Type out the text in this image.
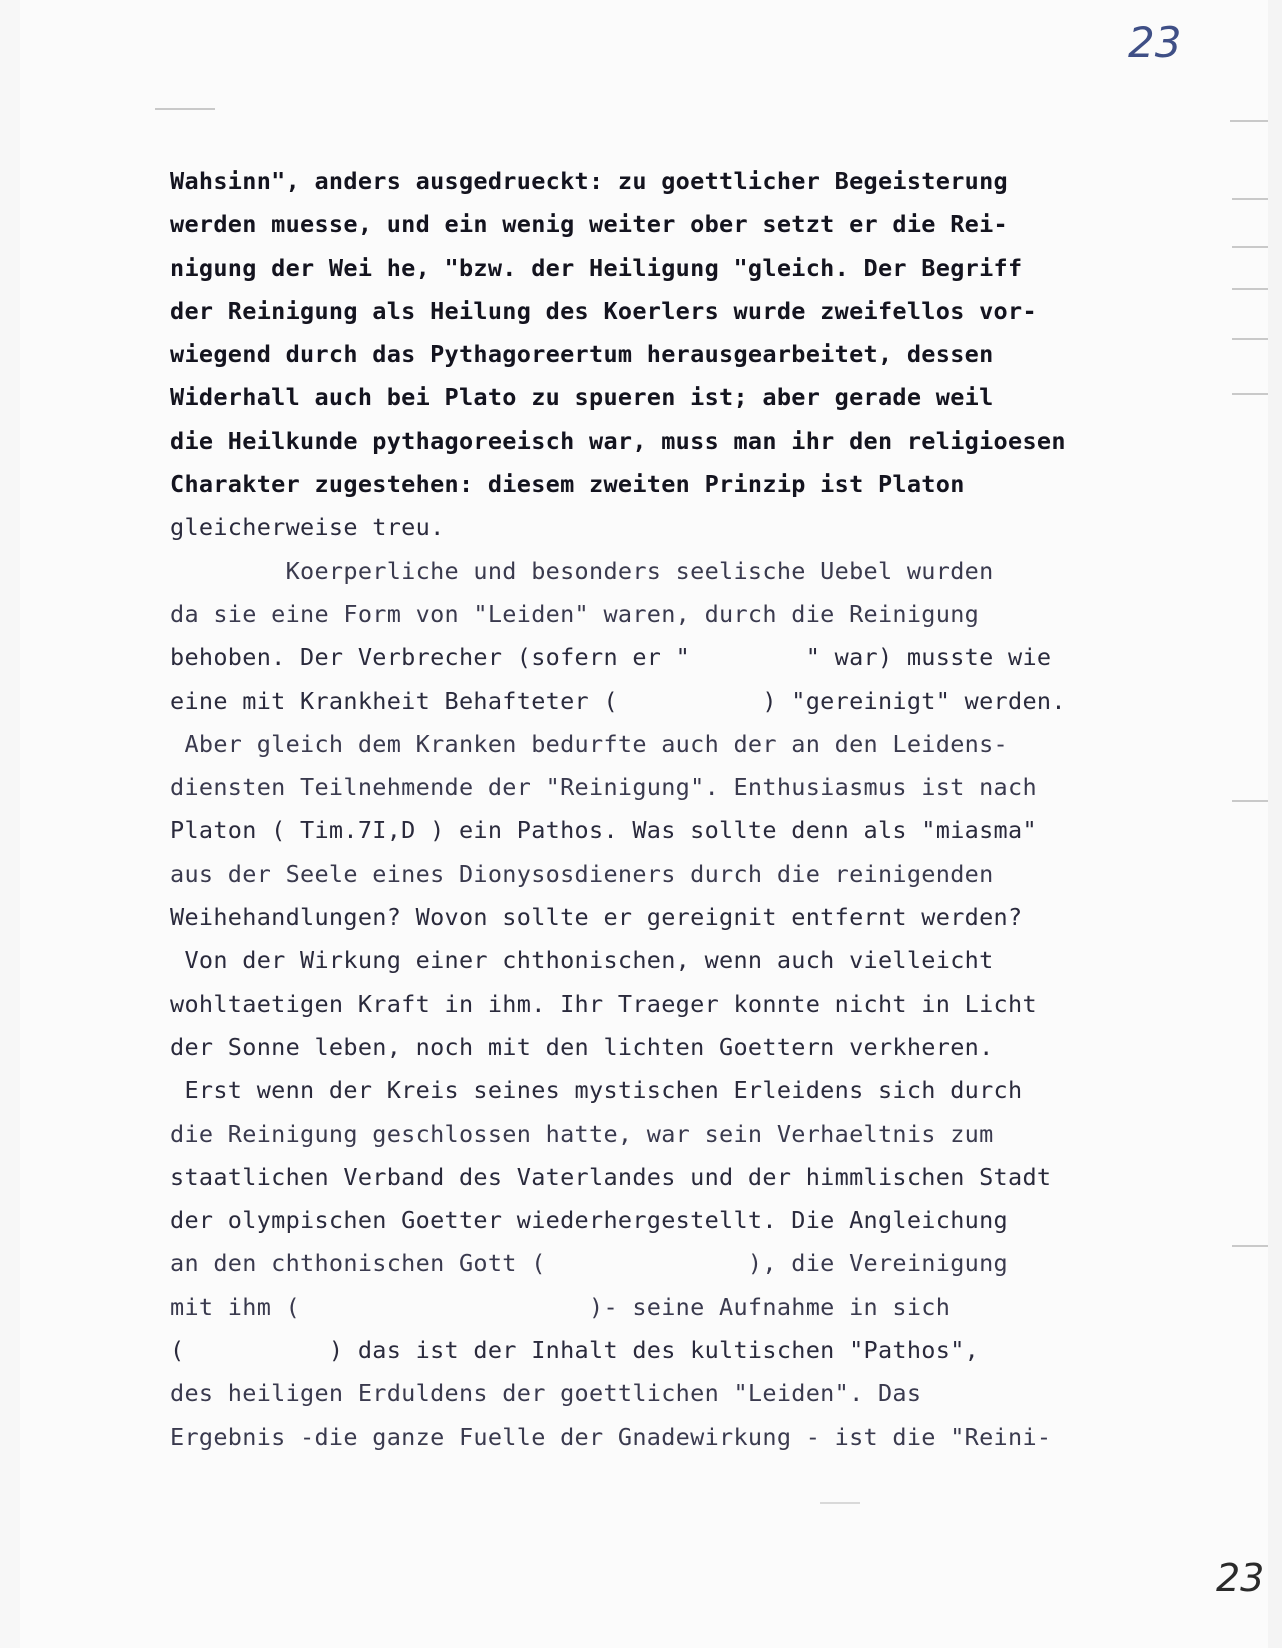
23
Wahsinn", anders ausgedrueckt: zu goettlicher Begeisterung
werden muesse, und ein wenig weiter ober setzt er die Rei-
nigung der Wei he, "bzw. der Heiligung "gleich. Der Begriff
der Reinigung als Heilung des Koerlers wurde zweifellos vor-
wiegend durch das Pythagoreertum herausgearbeitet, dessen
Widerhall auch bei Plato zu spueren ist; aber gerade weil
die Heilkunde pythagoreeisch war, muss man ihr den religioesen
Charakter zugestehen: diesem zweiten Prinzip ist Platon
gleicherweise treu.
Koerperliche und besonders seelische Uebel wurden
da sie eine Form von "Leiden" waren, durch die Reinigung
behoben. Der Verbrecher (sofern er "        " war) musste wie
eine mit Krankheit Behafteter (          ) "gereinigt" werden.
Aber gleich dem Kranken bedurfte auch der an den Leidens-
diensten Teilnehmende der "Reinigung". Enthusiasmus ist nach
Platon ( Tim.7I,D ) ein Pathos. Was sollte denn als "miasma"
aus der Seele eines Dionysosdieners durch die reinigenden
Weihehandlungen? Wovon sollte er gereignit entfernt werden?
Von der Wirkung einer chthonischen, wenn auch vielleicht
wohltaetigen Kraft in ihm. Ihr Traeger konnte nicht in Licht
der Sonne leben, noch mit den lichten Goettern verkheren.
Erst wenn der Kreis seines mystischen Erleidens sich durch
die Reinigung geschlossen hatte, war sein Verhaeltnis zum
staatlichen Verband des Vaterlandes und der himmlischen Stadt
der olympischen Goetter wiederhergestellt. Die Angleichung
an den chthonischen Gott (              ), die Vereinigung
mit ihm (                    )- seine Aufnahme in sich
(          ) das ist der Inhalt des kultischen "Pathos",
des heiligen Erduldens der goettlichen "Leiden". Das
Ergebnis -die ganze Fuelle der Gnadewirkung - ist die "Reini-
23
